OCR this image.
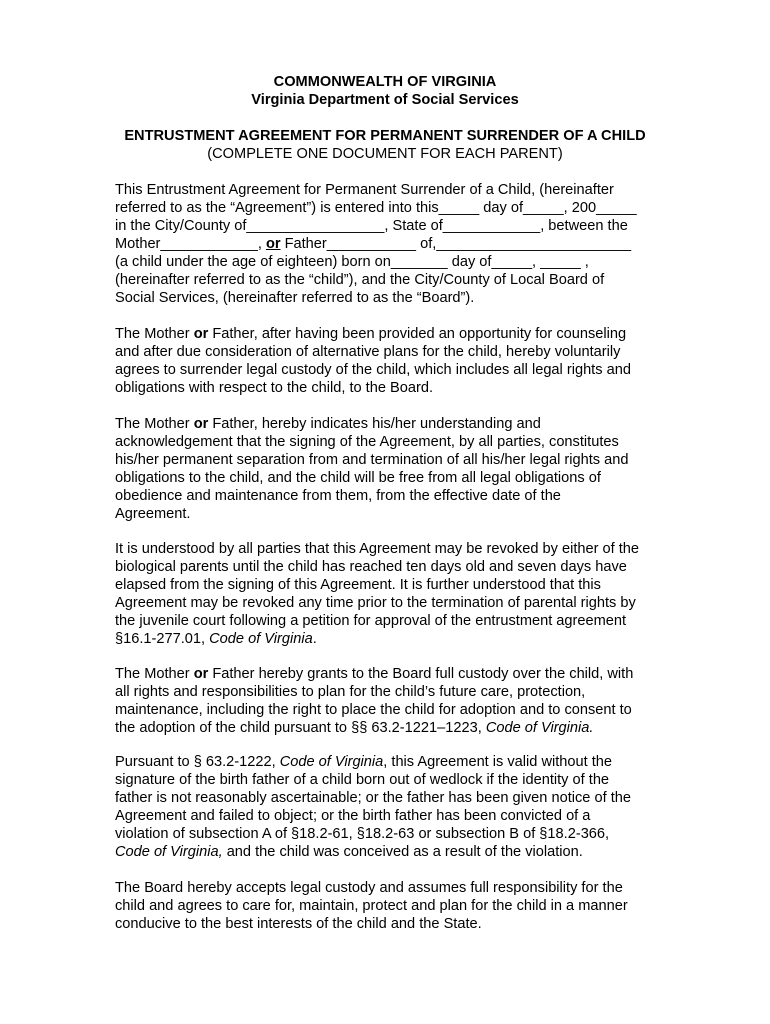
COMMONWEALTH OF VIRGINIA
Virginia Department of Social Services
ENTRUSTMENT AGREEMENT FOR PERMANENT SURRENDER OF A CHILD
(COMPLETE ONE DOCUMENT FOR EACH PARENT)
This Entrustment Agreement for Permanent Surrender of a Child, (hereinafter
referred to as the “Agreement”) is entered into this_____ day of_____, 200_____
in the City/County of_________________, State of____________, between the
Mother____________, or Father___________ of,________________________
(a child under the age of eighteen) born on_______ day of_____, _____ ,
(hereinafter referred to as the “child”), and the City/County of Local Board of
Social Services, (hereinafter referred to as the “Board”).
The Mother or Father, after having been provided an opportunity for counseling
and after due consideration of alternative plans for the child, hereby voluntarily
agrees to surrender legal custody of the child, which includes all legal rights and
obligations with respect to the child, to the Board.
The Mother or Father, hereby indicates his/her understanding and
acknowledgement that the signing of the Agreement, by all parties, constitutes
his/her permanent separation from and termination of all his/her legal rights and
obligations to the child, and the child will be free from all legal obligations of
obedience and maintenance from them, from the effective date of the
Agreement.
It is understood by all parties that this Agreement may be revoked by either of the
biological parents until the child has reached ten days old and seven days have
elapsed from the signing of this Agreement. It is further understood that this
Agreement may be revoked any time prior to the termination of parental rights by
the juvenile court following a petition for approval of the entrustment agreement
§16.1-277.01, Code of Virginia.
The Mother or Father hereby grants to the Board full custody over the child, with
all rights and responsibilities to plan for the child’s future care, protection,
maintenance, including the right to place the child for adoption and to consent to
the adoption of the child pursuant to §§ 63.2-1221–1223, Code of Virginia.
Pursuant to § 63.2-1222, Code of Virginia, this Agreement is valid without the
signature of the birth father of a child born out of wedlock if the identity of the
father is not reasonably ascertainable; or the father has been given notice of the
Agreement and failed to object; or the birth father has been convicted of a
violation of subsection A of §18.2-61, §18.2-63 or subsection B of §18.2-366,
Code of Virginia, and the child was conceived as a result of the violation.
The Board hereby accepts legal custody and assumes full responsibility for the
child and agrees to care for, maintain, protect and plan for the child in a manner
conducive to the best interests of the child and the State.
